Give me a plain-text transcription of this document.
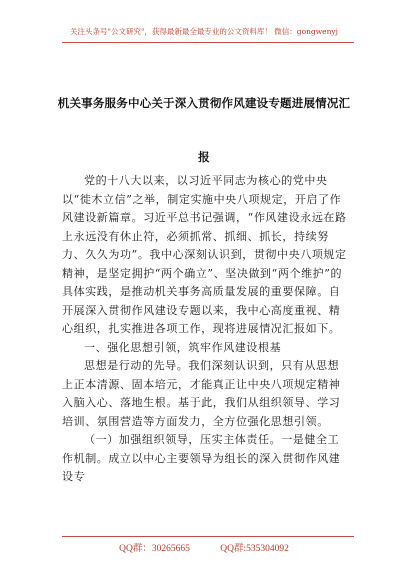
关注头条号"公文研究"，获得最新最全最专业的公文资料库！ 微信：gongwenyj
机关事务服务中心关于深入贯彻作风建设专题进展情况汇
报

党的十八大以来，以习近平同志为核心的党中央以“徙木立信”之举，制定实施中央八项规定，开启了作风建设新篇章。习近平总书记强调，“作风建设永远在路上永远没有休止符，必须抓常、抓细、抓长，持续努力、久久为功”。我中心深刻认识到，贯彻中央八项规定精神，是坚定拥护“两个确立”、坚决做到“两个维护”的具体实践，是推动机关事务高质量发展的重要保障。自开展深入贯彻作风建设专题以来，我中心高度重视、精心组织，扎实推进各项工作，现将进展情况汇报如下。

一、强化思想引领，筑牢作风建设根基

思想是行动的先导。我们深刻认识到，只有从思想上正本清源、固本培元，才能真正让中央八项规定精神入脑入心、落地生根。基于此，我们从组织领导、学习培训、氛围营造等方面发力，全方位强化思想引领。

（一）加强组织领导，压实主体责任。一是健全工作机制。成立以中心主要领导为组长的深入贯彻作风建设专

QQ群：30265665	QQ群:535304092
